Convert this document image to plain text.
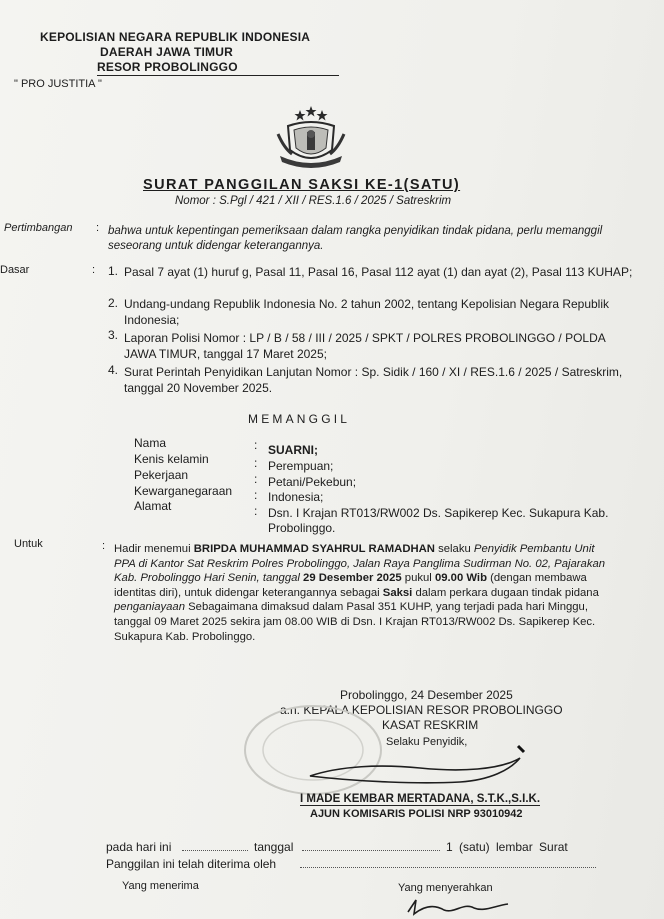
KEPOLISIAN NEGARA REPUBLIK INDONESIA
DAERAH JAWA TIMUR
RESOR PROBOLINGGO
" PRO JUSTITIA "
SURAT PANGGILAN SAKSI KE-1(SATU)
Nomor : S.Pgl / 421 / XII / RES.1.6 / 2025 / Satreskrim
Pertimbangan : bahwa untuk kepentingan pemeriksaan dalam rangka penyidikan tindak pidana, perlu memanggil seseorang untuk didengar keterangannya.
Dasar	: 1. Pasal 7 ayat (1) huruf g, Pasal 11, Pasal 16, Pasal 112 ayat (1) dan ayat (2), Pasal 113 KUHAP;
2. Undang-undang Republik Indonesia No. 2 tahun 2002, tentang Kepolisian Negara Republik Indonesia;
3. Laporan Polisi Nomor : LP / B / 58 / III / 2025 / SPKT / POLRES PROBOLINGGO / POLDA JAWA TIMUR, tanggal 17 Maret 2025;
4. Surat Perintah Penyidikan Lanjutan Nomor : Sp. Sidik / 160 / XI / RES.1.6 / 2025 / Satreskrim, tanggal 20 November 2025.
MEMANGGIL
Nama	: SUARNI;
Kenis kelamin	: Perempuan;
Pekerjaan	: Petani/Pekebun;
Kewarganegaraan : Indonesia;
Alamat	: Dsn. I Krajan RT013/RW002 Ds. Sapikerep Kec. Sukapura Kab. Probolinggo.
Untuk	: Hadir menemui BRIPDA MUHAMMAD SYAHRUL RAMADHAN selaku Penyidik Pembantu Unit PPA di Kantor Sat Reskrim Polres Probolinggo, Jalan Raya Panglima Sudirman No. 02, Pajarakan Kab. Probolinggo Hari Senin, tanggal 29 Desember 2025 pukul 09.00 Wib (dengan membawa identitas diri), untuk didengar keterangannya sebagai Saksi dalam perkara dugaan tindak pidana penganiayaan Sebagaimana dimaksud dalam Pasal 351 KUHP, yang terjadi pada hari Minggu, tanggal 09 Maret 2025 sekira jam 08.00 WIB di Dsn. I Krajan RT013/RW002 Ds. Sapikerep Kec. Sukapura Kab. Probolinggo.
Probolinggo, 24 Desember 2025
a.n. KEPALA KEPOLISIAN RESOR PROBOLINGGO
KASAT RESKRIM
Selaku Penyidik,
I MADE KEMBAR MERTADANA, S.T.K.,S.I.K.
AJUN KOMISARIS POLISI NRP 93010942
pada hari ini	tanggal	1 (satu) lembar Surat
Panggilan ini telah diterima oleh
Yang menerima	Yang menyerahkan
